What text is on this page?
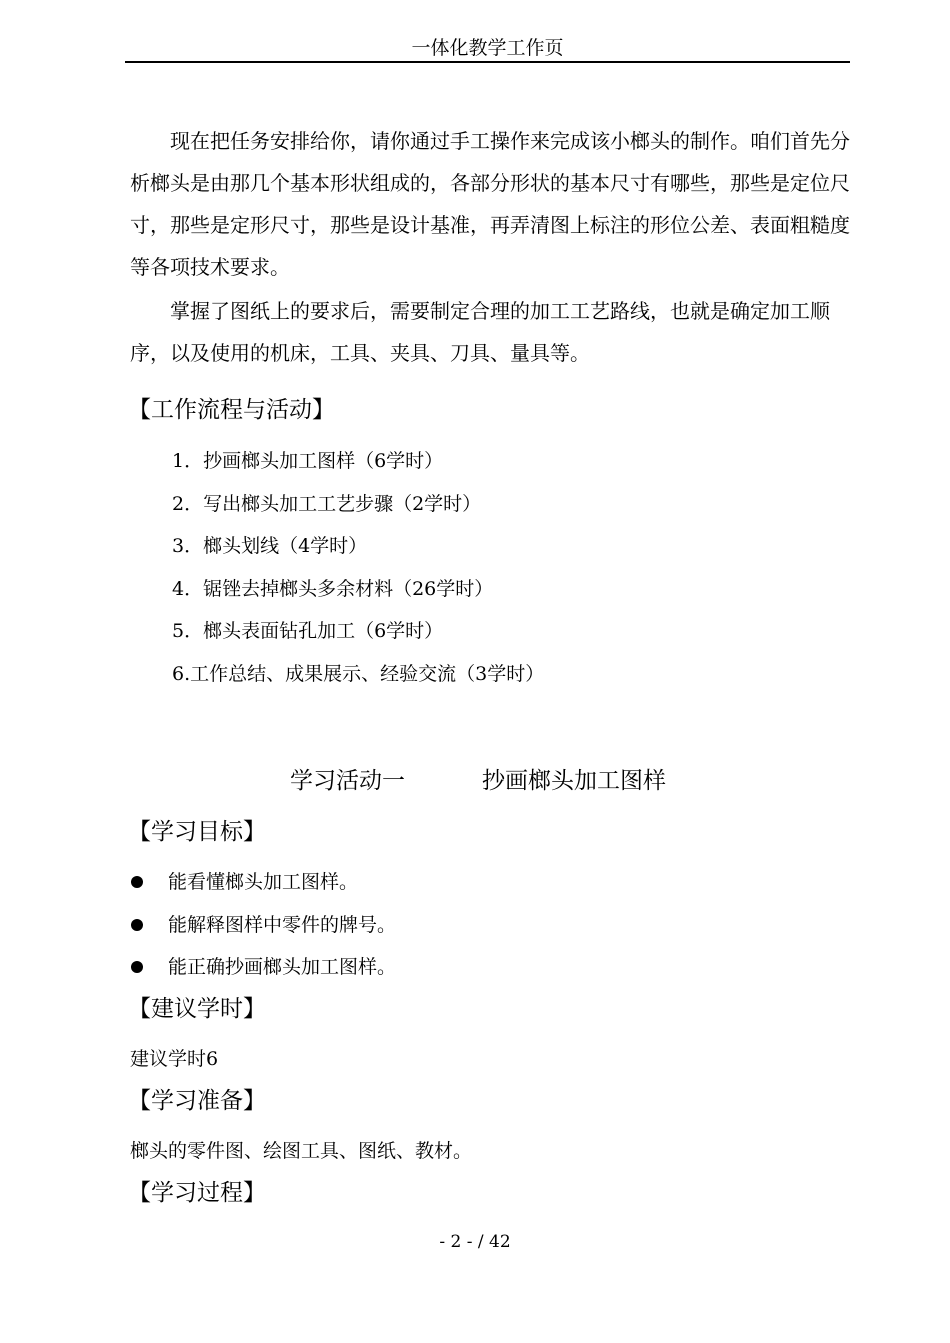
一体化教学工作页

现在把任务安排给你，请你通过手工操作来完成该小榔头的制作。咱们首先分析榔头是由那几个基本形状组成的，各部分形状的基本尺寸有哪些，那些是定位尺寸，那些是定形尺寸，那些是设计基准，再弄清图上标注的形位公差、表面粗糙度等各项技术要求。

掌握了图纸上的要求后，需要制定合理的加工工艺路线，也就是确定加工顺序，以及使用的机床，工具、夹具、刀具、量具等。

【工作流程与活动】
1．抄画榔头加工图样（6学时）
2．写出榔头加工工艺步骤（2学时）
3．榔头划线（4学时）
4．锯锉去掉榔头多余材料（26学时）
5．榔头表面钻孔加工（6学时）
6.工作总结、成果展示、经验交流（3学时）
学习活动一	抄画榔头加工图样
【学习目标】
能看懂榔头加工图样。
能解释图样中零件的牌号。
能正确抄画榔头加工图样。
【建议学时】
建议学时6
【学习准备】
榔头的零件图、绘图工具、图纸、教材。
【学习过程】
- 2 - / 42
